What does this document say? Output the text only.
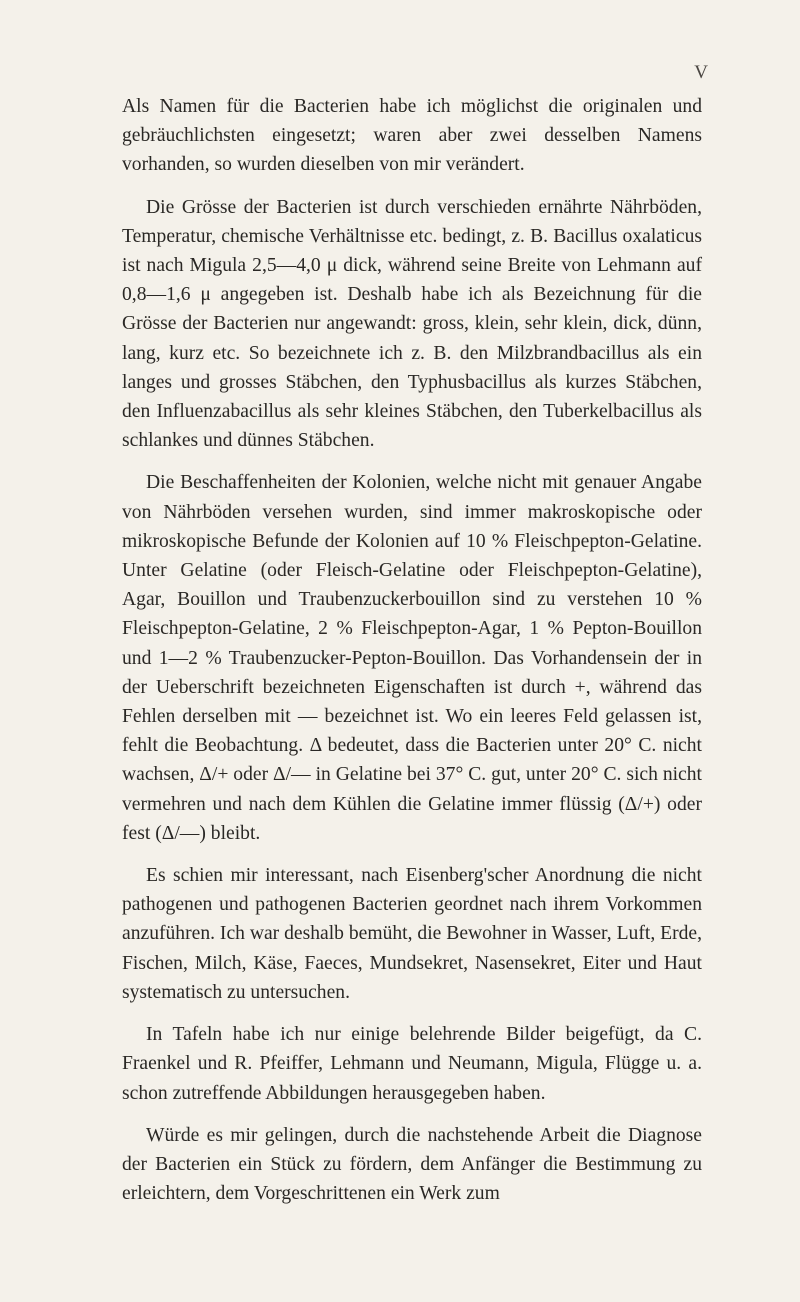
V

Als Namen für die Bacterien habe ich möglichst die originalen und gebräuchlichsten eingesetzt; waren aber zwei desselben Namens vorhanden, so wurden dieselben von mir verändert.

Die Grösse der Bacterien ist durch verschieden ernährte Nährböden, Temperatur, chemische Verhältnisse etc. bedingt, z. B. Bacillus oxalaticus ist nach Migula 2,5—4,0 μ dick, während seine Breite von Lehmann auf 0,8—1,6 μ angegeben ist. Deshalb habe ich als Bezeichnung für die Grösse der Bacterien nur angewandt: gross, klein, sehr klein, dick, dünn, lang, kurz etc. So bezeichnete ich z. B. den Milzbrandbacillus als ein langes und grosses Stäbchen, den Typhusbacillus als kurzes Stäbchen, den Influenzabacillus als sehr kleines Stäbchen, den Tuberkelbacillus als schlankes und dünnes Stäbchen.

Die Beschaffenheiten der Kolonien, welche nicht mit genauer Angabe von Nährböden versehen wurden, sind immer makroskopische oder mikroskopische Befunde der Kolonien auf 10 % Fleischpepton-Gelatine. Unter Gelatine (oder Fleisch-Gelatine oder Fleischpepton-Gelatine), Agar, Bouillon und Traubenzuckerbouillon sind zu verstehen 10 % Fleischpepton-Gelatine, 2 % Fleischpepton-Agar, 1 % Pepton-Bouillon und 1—2 % Traubenzucker-Pepton-Bouillon. Das Vorhandensein der in der Ueberschrift bezeichneten Eigenschaften ist durch +, während das Fehlen derselben mit — bezeichnet ist. Wo ein leeres Feld gelassen ist, fehlt die Beobachtung. Δ bedeutet, dass die Bacterien unter 20° C. nicht wachsen, Δ/+ oder Δ/— in Gelatine bei 37° C. gut, unter 20° C. sich nicht vermehren und nach dem Kühlen die Gelatine immer flüssig (Δ/+) oder fest (Δ/—) bleibt.

Es schien mir interessant, nach Eisenberg'scher Anordnung die nicht pathogenen und pathogenen Bacterien geordnet nach ihrem Vorkommen anzuführen. Ich war deshalb bemüht, die Bewohner in Wasser, Luft, Erde, Fischen, Milch, Käse, Faeces, Mundsekret, Nasensekret, Eiter und Haut systematisch zu untersuchen.

In Tafeln habe ich nur einige belehrende Bilder beigefügt, da C. Fraenkel und R. Pfeiffer, Lehmann und Neumann, Migula, Flügge u. a. schon zutreffende Abbildungen herausgegeben haben.

Würde es mir gelingen, durch die nachstehende Arbeit die Diagnose der Bacterien ein Stück zu fördern, dem Anfänger die Bestimmung zu erleichtern, dem Vorgeschrittenen ein Werk zum
